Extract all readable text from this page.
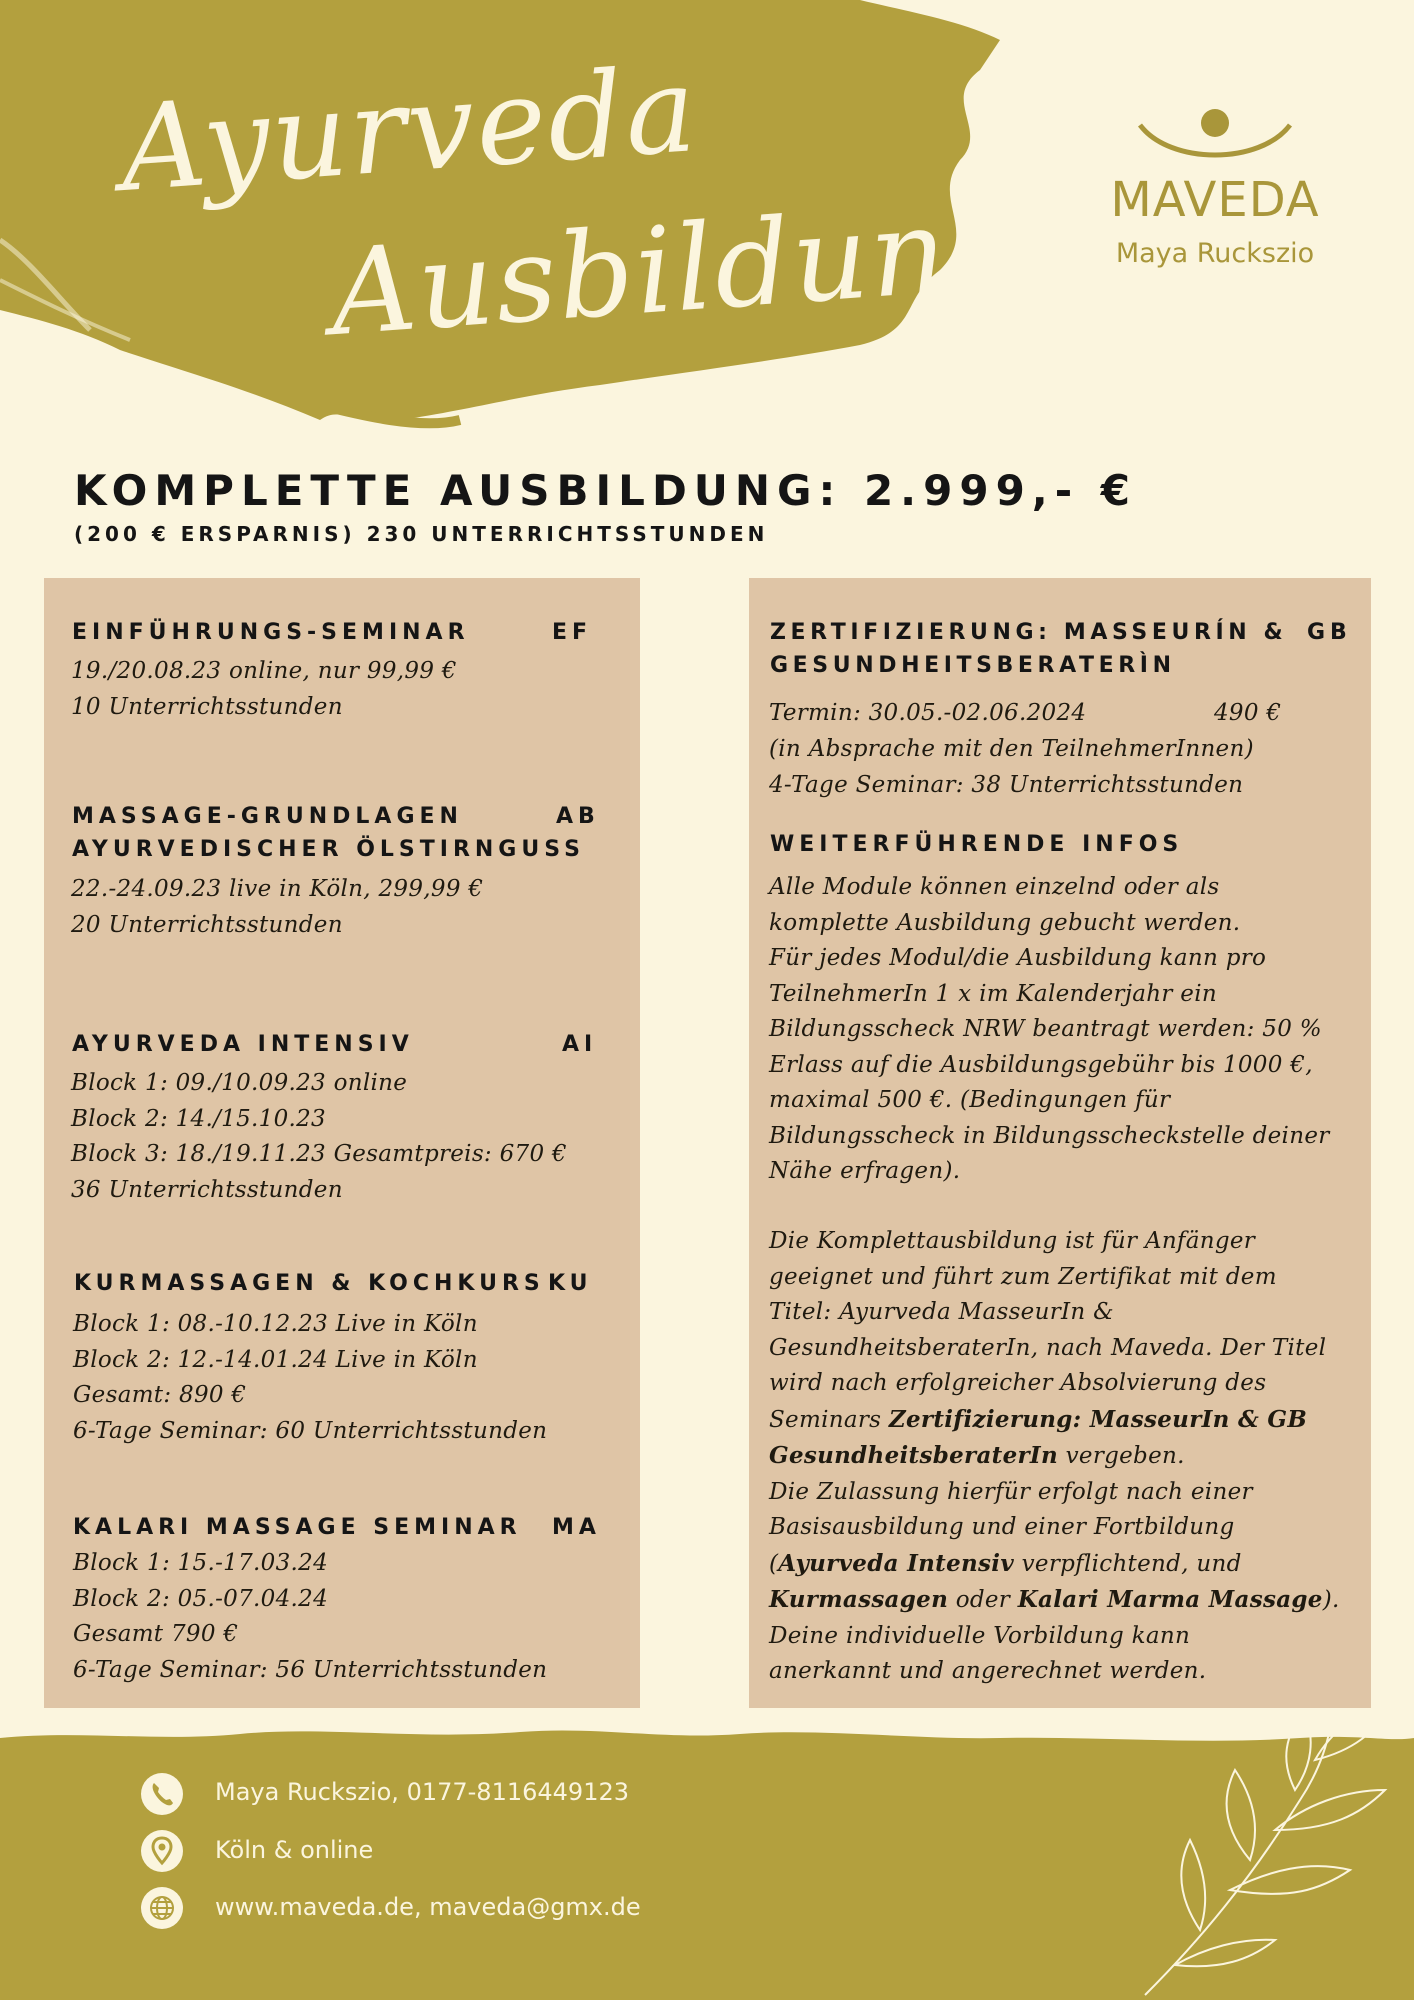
Ayurveda
Ausbildung	MAVEDA
Maya Ruckszio
KOMPLETTE AUSBILDUNG: 2.999,- €
(200 € ERSPARNIS) 230 UNTERRICHTSSTUNDEN
EINFÜHRUNGS-SEMINAR	EF
19./20.08.23 online, nur 99,99 €
10 Unterrichtsstunden
MASSAGE-GRUNDLAGEN
AYURVEDISCHER ÖLSTIRNGUSS
AB
22.-24.09.23 live in Köln, 299,99 €
20 Unterrichtsstunden
AYURVEDA INTENSIV	AI
Block 1: 09./10.09.23 online
Block 2: 14./15.10.23
Block 3: 18./19.11.23 Gesamtpreis: 670 €
36 Unterrichtsstunden
KURMASSAGEN & KOCHKURS KU
Block 1: 08.-10.12.23 Live in Köln
Block 2: 12.-14.01.24 Live in Köln
Gesamt: 890 €
6-Tage Seminar: 60 Unterrichtsstunden
KALARI MASSAGE SEMINAR MA
Block 1: 15.-17.03.24
Block 2: 05.-07.04.24
Gesamt 790 €
6-Tage Seminar: 56 Unterrichtsstunden
ZERTIFIZIERUNG: MASSEURÍN &
GESUNDHEITSBERATERÌN
GB
Termin: 30.05.-02.06.2024	490 €
(in Absprache mit den TeilnehmerInnen)
4-Tage Seminar: 38 Unterrichtsstunden
WEITERFÜHRENDE INFOS
Alle Module können einzelnd oder als
komplette Ausbildung gebucht werden.
Für jedes Modul/die Ausbildung kann pro
TeilnehmerIn 1 x im Kalenderjahr ein
Bildungsscheck NRW beantragt werden: 50 %
Erlass auf die Ausbildungsgebühr bis 1000 €,
maximal 500 €. (Bedingungen für
Bildungsscheck in Bildungsscheckstelle deiner
Nähe erfragen).
Die Komplettausbildung ist für Anfänger
geeignet und führt zum Zertifikat mit dem
Titel: Ayurveda MasseurIn &
GesundheitsberaterIn, nach Maveda. Der Titel
wird nach erfolgreicher Absolvierung des
Seminars Zertifizierung: MasseurIn & GB
GesundheitsberaterIn vergeben.
Die Zulassung hierfür erfolgt nach einer
Basisausbildung und einer Fortbildung
(Ayurveda Intensiv verpflichtend, und
Kurmassagen oder Kalari Marma Massage).
Deine individuelle Vorbildung kann
anerkannt und angerechnet werden.
Maya Ruckszio, 0177-8116449123
Köln & online
www.maveda.de, maveda@gmx.de
